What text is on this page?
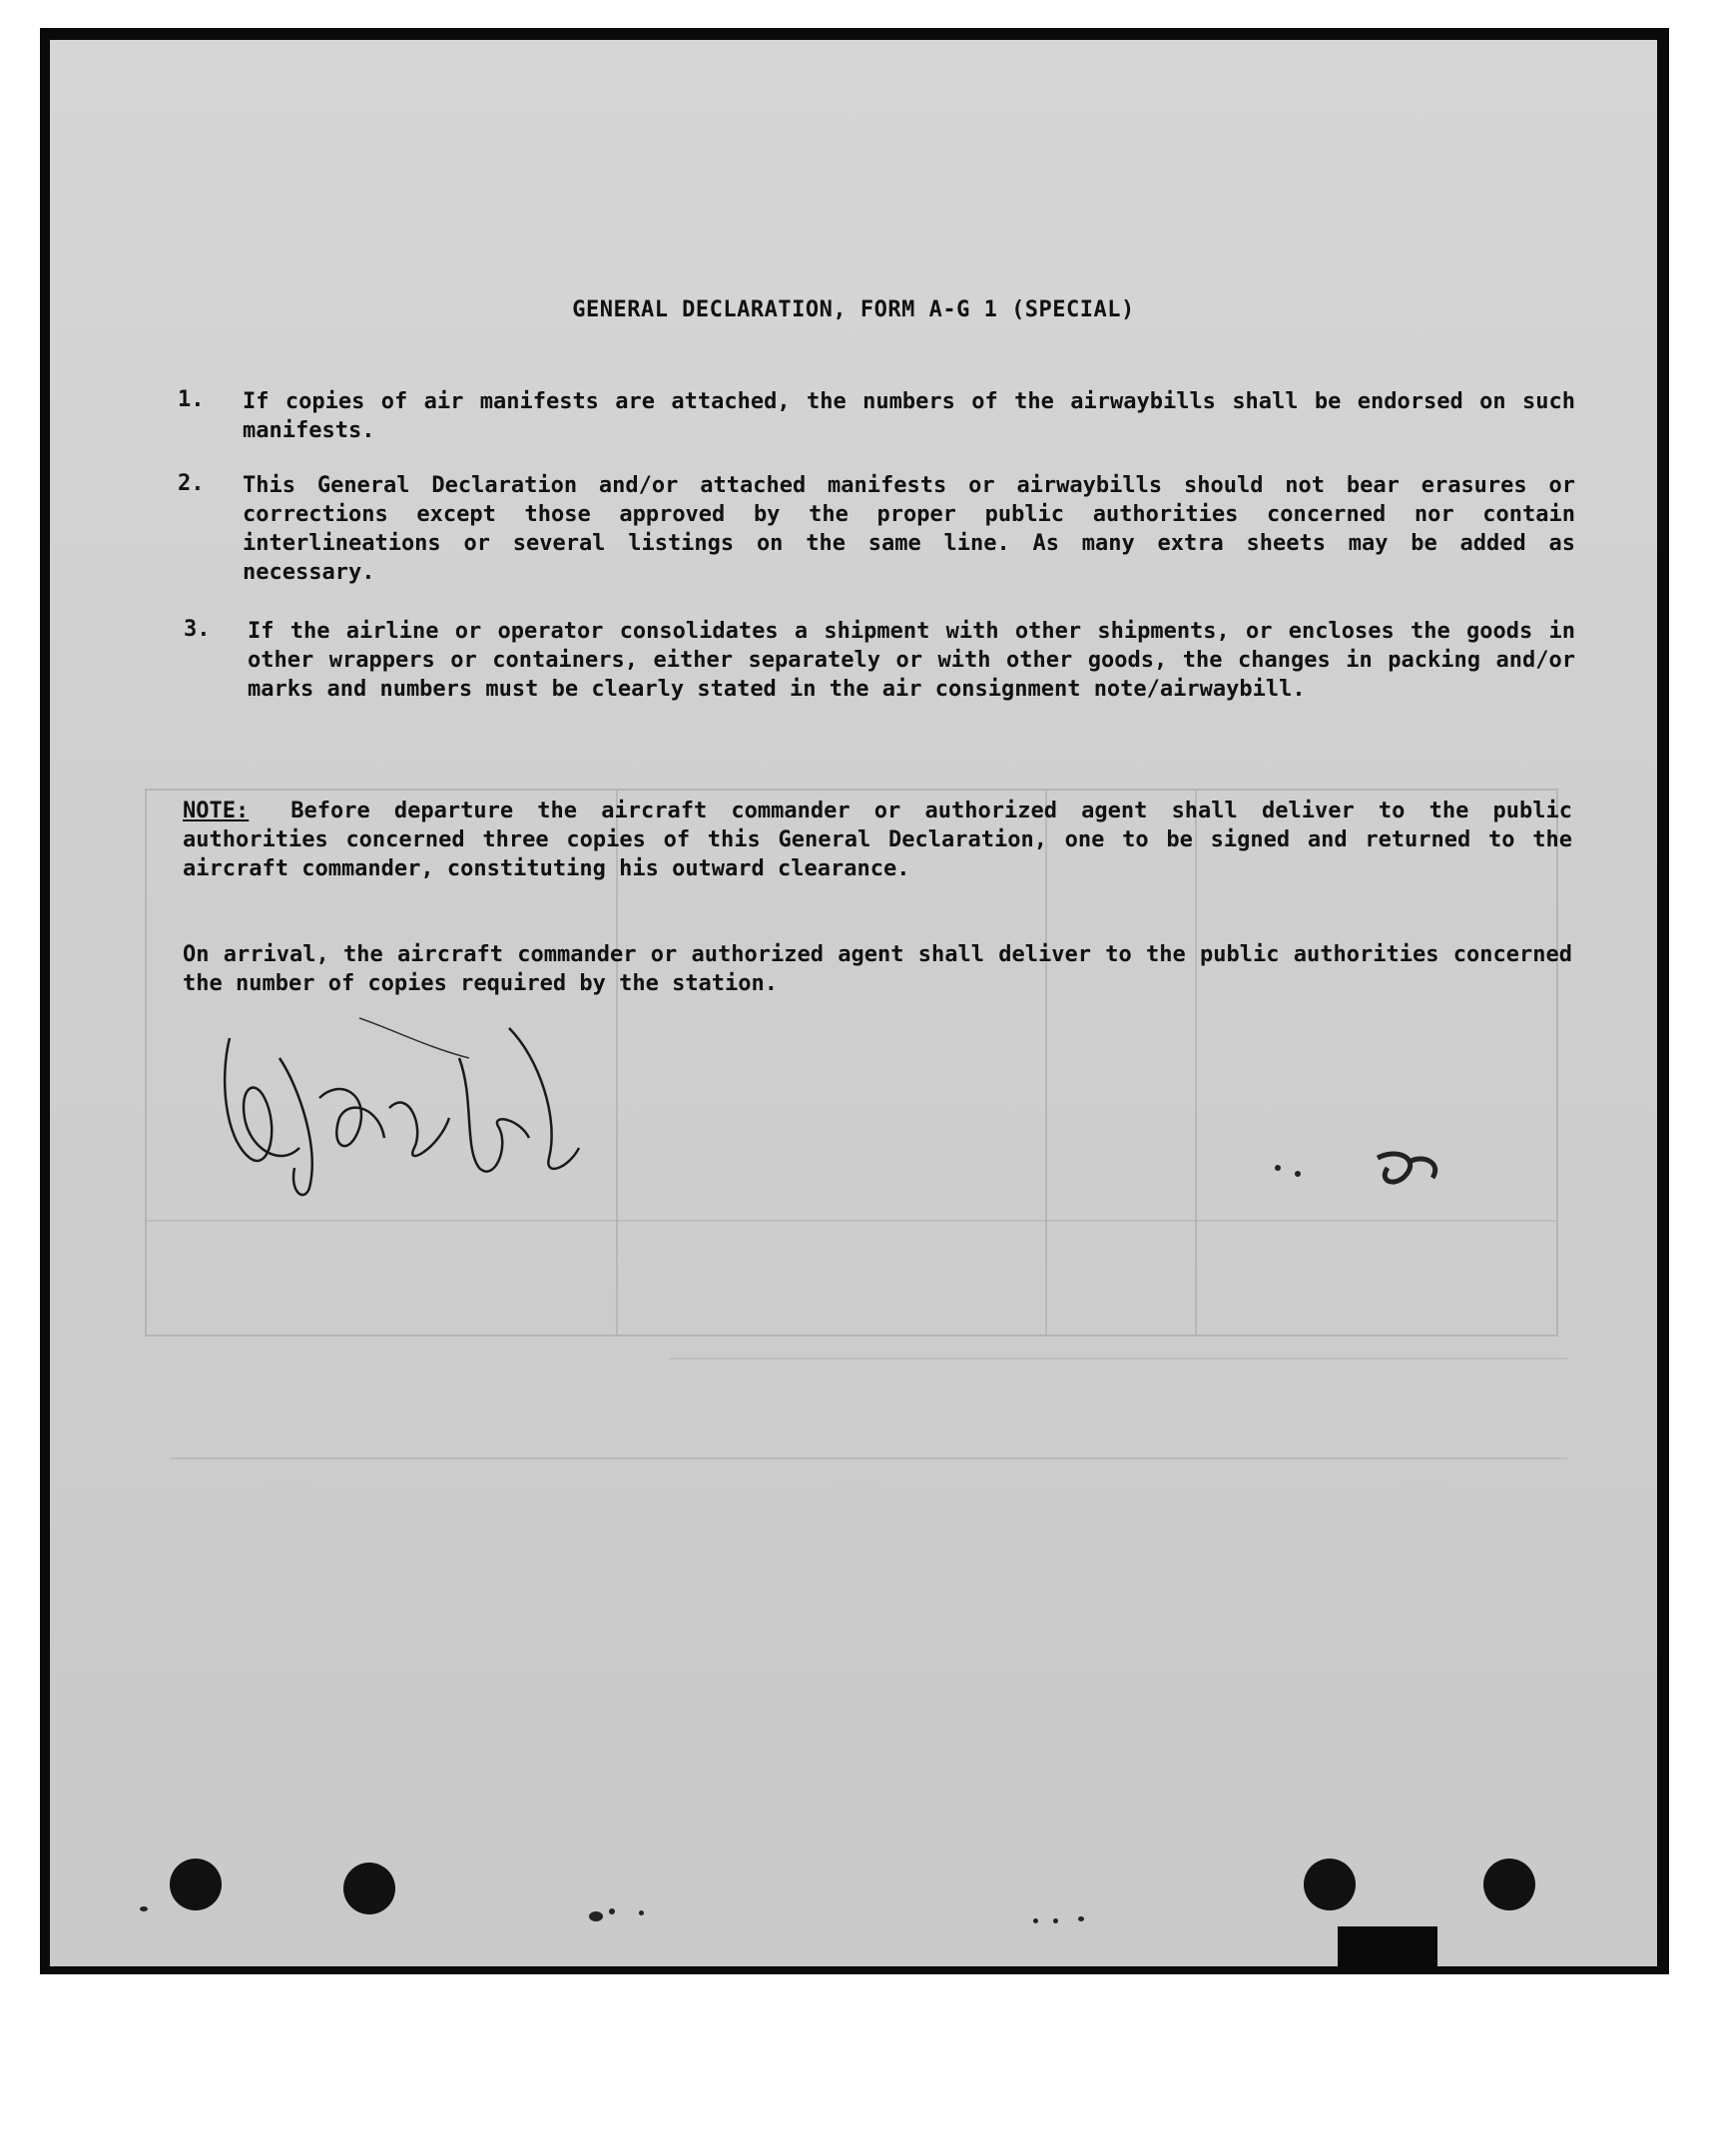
GENERAL DECLARATION, FORM A-G 1 (SPECIAL)
1.	If copies of air manifests are attached, the numbers of the airwaybills shall be endorsed on such manifests.

2.	This General Declaration and/or attached manifests or airwaybills should not bear erasures or corrections except those approved by the proper public authorities concerned nor contain interlineations or several listings on the same line. As many extra sheets may be added as necessary.

3.	If the airline or operator consolidates a shipment with other shipments, or encloses the goods in other wrappers or containers, either separately or with other goods, the changes in packing and/or marks and numbers must be clearly stated in the air consignment note/airwaybill.

NOTE: Before departure the aircraft commander or authorized agent shall deliver to the public authorities concerned three copies of this General Declaration, one to be signed and returned to the aircraft commander, constituting his outward clearance.

On arrival, the aircraft commander or authorized agent shall deliver to the public authorities concerned the number of copies required by the station.
